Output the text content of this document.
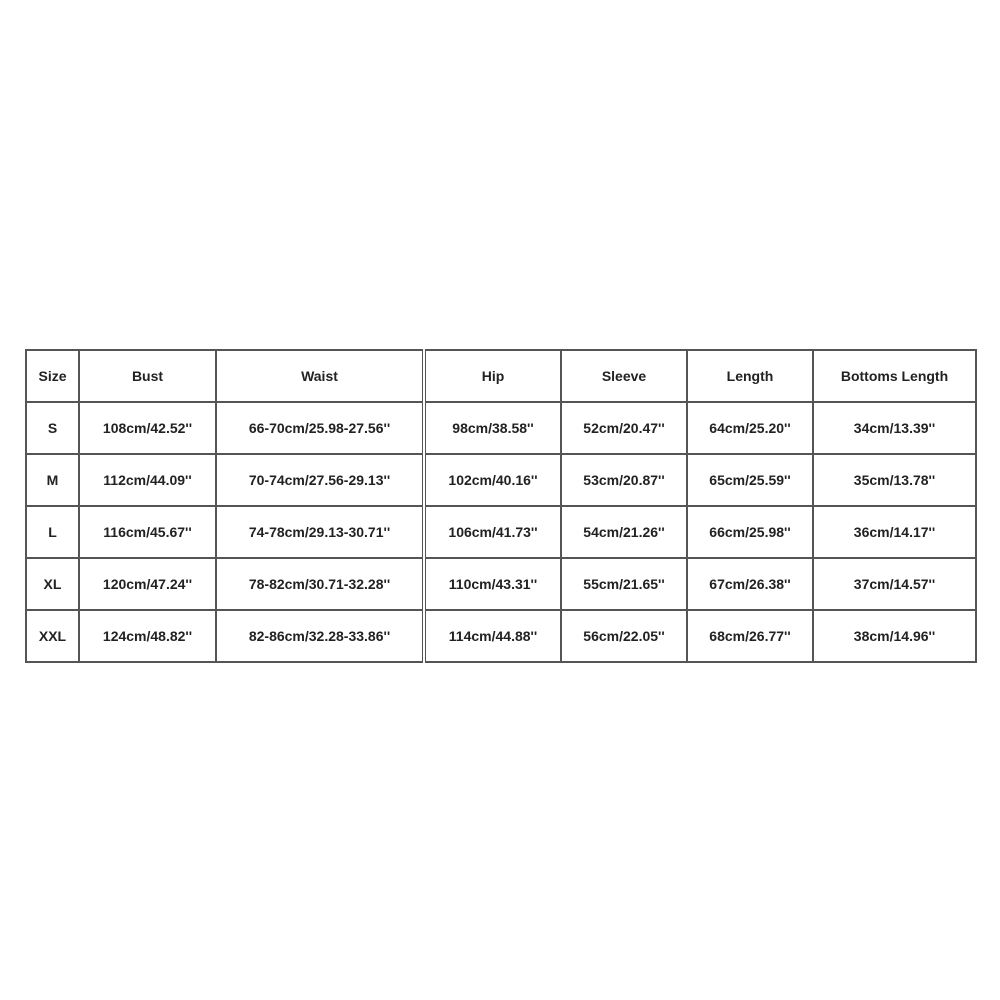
Size	Bust	Waist	Hip	Sleeve	Length	Bottoms Length
S	108cm/42.52''	66-70cm/25.98-27.56''	98cm/38.58''	52cm/20.47''	64cm/25.20''	34cm/13.39''
M	112cm/44.09''	70-74cm/27.56-29.13''	102cm/40.16''	53cm/20.87''	65cm/25.59''	35cm/13.78''
L	116cm/45.67''	74-78cm/29.13-30.71''	106cm/41.73''	54cm/21.26''	66cm/25.98''	36cm/14.17''
XL	120cm/47.24''	78-82cm/30.71-32.28''	110cm/43.31''	55cm/21.65''	67cm/26.38''	37cm/14.57''
XXL	124cm/48.82''	82-86cm/32.28-33.86''	114cm/44.88''	56cm/22.05''	68cm/26.77''	38cm/14.96''
